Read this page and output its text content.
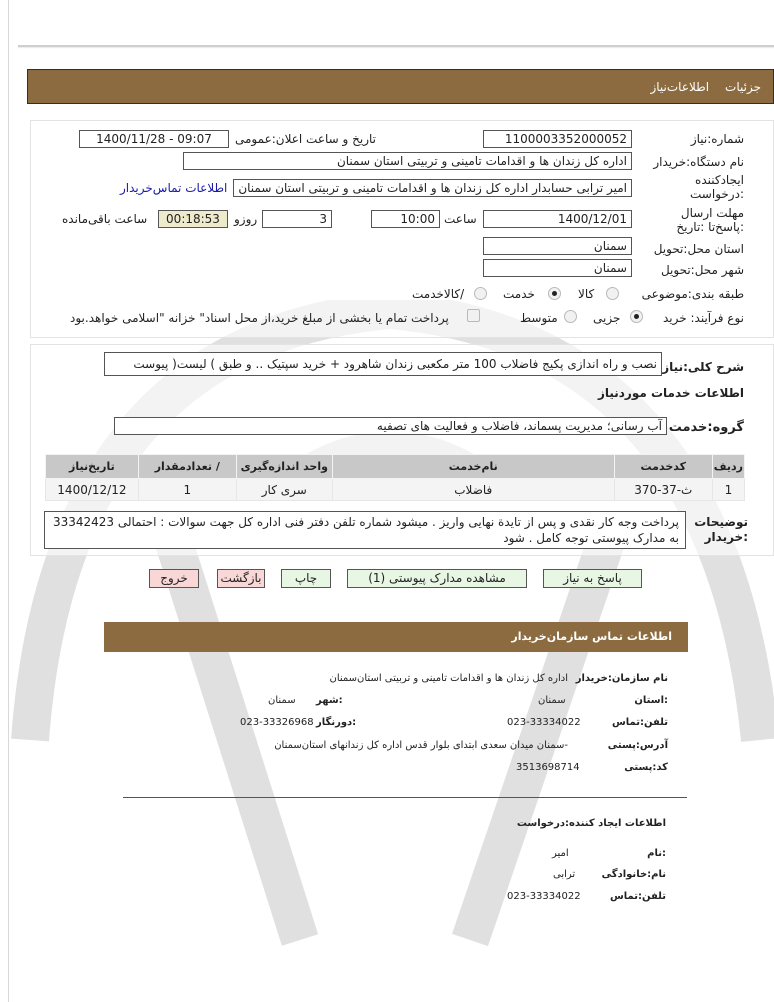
جزئیات
اطلاعات‌نیاز
شماره:نیاز
1100003352000052
تاریخ و ساعت اعلان:عمومی
1400/11/28 - 09:07
نام دستگاه:خریدار
اداره کل زندان ها و اقدامات تامینی و تربیتی استان سمنان
ایجادکننده :درخواست
امیر ترابی حسابدار اداره کل زندان ها و اقدامات تامینی و تربیتی استان سمنان
اطلاعات تماس‌خریدار
مهلت ارسال :پاسخ‌تا :تاریخ
1400/12/01
ساعت
10:00
3
روزو
00:18:53
ساعت باقی‌مانده
استان محل:تحویل
سمنان
شهر محل:تحویل
سمنان
طبقه بندی:موضوعی
کالا
خدمت
/کالاخدمت
نوع فرآیند: خرید
جزیی
متوسط
پرداخت تمام یا بخشی از مبلغ خرید،از محل اسناد" خزانه "اسلامی خواهد.بود
شرح کلی:نیاز
نصب و راه اندازی پکیج فاضلاب 100 متر مکعبی زندان شاهرود + خرید سپتیک .. و طبق ) لیست( پیوست
اطلاعات خدمات موردنیاز
گروه:خدمت
آب رسانی؛ مدیریت پسماند، فاضلاب و فعالیت های تصفیه
ردیف	کدخدمت	نام‌خدمت	واحد اندازه‌گیری	/ تعدادمقدار	تاریخ‌نیاز
1	ث-37-370	فاضلاب	سری کار	1	1400/12/12
توضیحات :خریدار
پرداخت وجه کار نقدی و پس از تایدة نهایی واریز . میشود شماره تلفن دفتر فنی اداره کل جهت سوالات : احتمالی 33342423 به مدارک پیوستی توجه کامل . شود
پاسخ به نیاز
مشاهده مدارک پیوستی (1)
چاپ
بازگشت
خروج
اطلاعات تماس سازمان‌خریدار
نام سازمان:خریدار
اداره کل زندان ها و اقدامات تامینی و تربیتی استان‌سمنان
:استان
سمنان
:شهر
سمنان
تلفن:تماس
023-33334022
:دورنگار
023-33326968
آدرس:پستی
-سمنان میدان سعدی ابتدای بلوار قدس اداره کل زندانهای استان‌سمنان
کد:پستی
3513698714
اطلاعات ایجاد کننده:درخواست
:نام
امیر
نام:خانوادگی
ترابی
تلفن:تماس
023-33334022
